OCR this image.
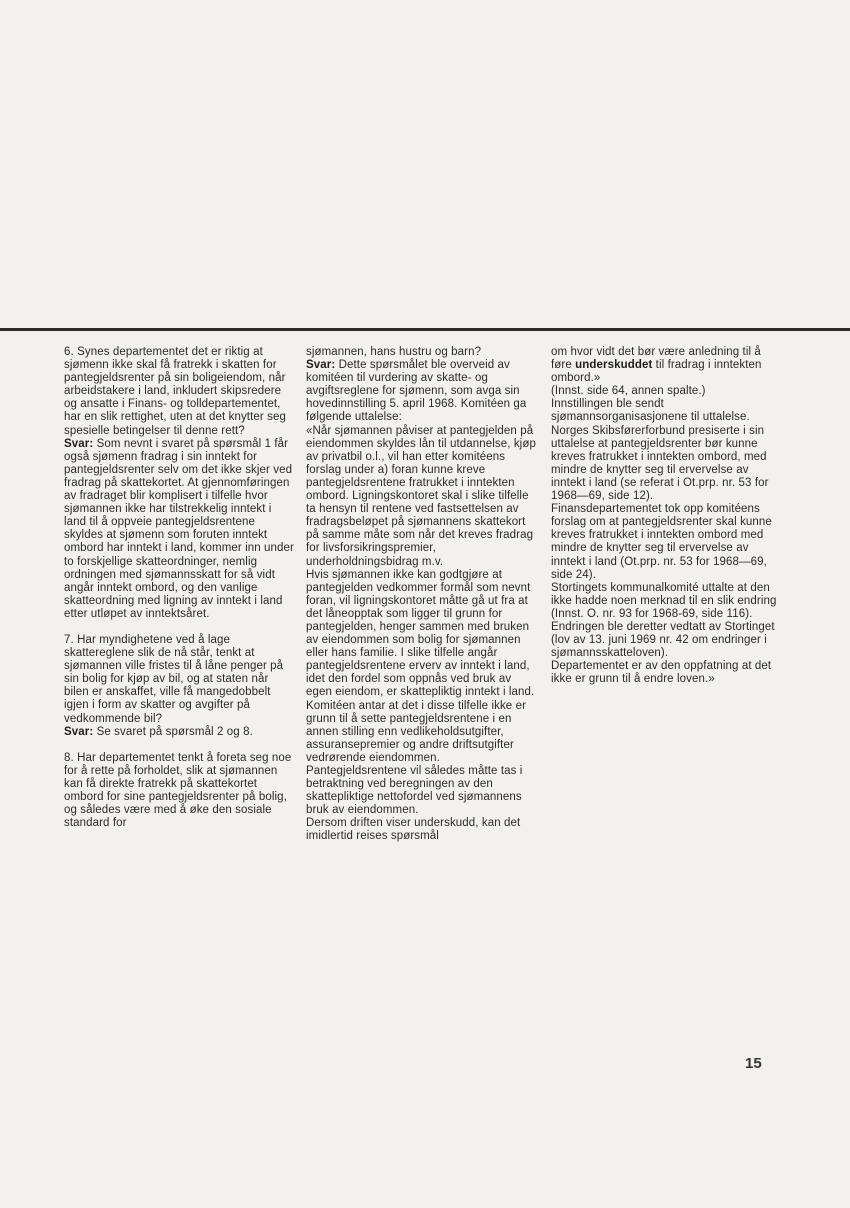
6. Synes departementet det er riktig at sjømenn ikke skal få fratrekk i skatten for pantegjeldsrenter på sin boligeiendom, når arbeidstakere i land, inkludert skipsredere og ansatte i Finans- og tolldepartementet, har en slik rettighet, uten at det knytter seg spesielle betingelser til denne rett?

Svar: Som nevnt i svaret på spørsmål 1 får også sjømenn fradrag i sin inntekt for pantegjeldsrenter selv om det ikke skjer ved fradrag på skattekortet. At gjennomføringen av fradraget blir komplisert i tilfelle hvor sjømannen ikke har tilstrekkelig inntekt i land til å oppveie pantegjeldsrentene skyldes at sjømenn som foruten inntekt ombord har inntekt i land, kommer inn under to forskjellige skatteordninger, nemlig ordningen med sjømannsskatt for så vidt angår inntekt ombord, og den vanlige skatteordning med ligning av inntekt i land etter utløpet av inntektsåret.

7. Har myndighetene ved å lage skattereglene slik de nå står, tenkt at sjømannen ville fristes til å låne penger på sin bolig for kjøp av bil, og at staten når bilen er anskaffet, ville få mangedobbelt igjen i form av skatter og avgifter på vedkommende bil?

Svar: Se svaret på spørsmål 2 og 8.

8. Har departementet tenkt å foreta seg noe for å rette på forholdet, slik at sjømannen kan få direkte fratrekk på skattekortet ombord for sine pantegjeldsrenter på bolig, og således være med å øke den sosiale standard for

sjømannen, hans hustru og barn?

Svar: Dette spørsmålet ble overveid av komitéen til vurdering av skatte- og avgiftsreglene for sjømenn, som avga sin hovedinnstilling 5. april 1968. Komitéen ga følgende uttalelse:

«Når sjømannen påviser at pantegjelden på eiendommen skyldes lån til utdannelse, kjøp av privatbil o.l., vil han etter komitéens forslag under a) foran kunne kreve pantegjeldsrentene fratrukket i inntekten ombord. Ligningskontoret skal i slike tilfelle ta hensyn til rentene ved fastsettelsen av fradragsbeløpet på sjømannens skattekort på samme måte som når det kreves fradrag for livsforsikringspremier, underholdningsbidrag m.v.

Hvis sjømannen ikke kan godtgjøre at pantegjelden vedkommer formål som nevnt foran, vil ligningskontoret måtte gå ut fra at det låneopptak som ligger til grunn for pantegjelden, henger sammen med bruken av eiendommen som bolig for sjømannen eller hans familie. I slike tilfelle angår pantegjeldsrentene erverv av inntekt i land, idet den fordel som oppnås ved bruk av egen eiendom, er skattepliktig inntekt i land. Komitéen antar at det i disse tilfelle ikke er grunn til å sette pantegjeldsrentene i en annen stilling enn vedlikeholdsutgifter, assuransepremier og andre driftsutgifter vedrørende eiendommen. Pantegjeldsrentene vil således måtte tas i betraktning ved beregningen av den skattepliktige nettofordel ved sjømannens bruk av eiendommen.

Dersom driften viser underskudd, kan det imidlertid reises spørsmål

om hvor vidt det bør være anledning til å føre underskuddet til fradrag i inntekten ombord.»

(Innst. side 64, annen spalte.)

Innstillingen ble sendt sjømannsorganisasjonene til uttalelse. Norges Skibsførerforbund presiserte i sin uttalelse at pantegjeldsrenter bør kunne kreves fratrukket i inntekten ombord, med mindre de knytter seg til ervervelse av inntekt i land (se referat i Ot.prp. nr. 53 for 1968—69, side 12).

Finansdepartementet tok opp komitéens forslag om at pantegjeldsrenter skal kunne kreves fratrukket i inntekten ombord med mindre de knytter seg til ervervelse av inntekt i land (Ot.prp. nr. 53 for 1968—69, side 24).

Stortingets kommunalkomité uttalte at den ikke hadde noen merknad til en slik endring (Innst. O. nr. 93 for 1968-69, side 116). Endringen ble deretter vedtatt av Stortinget (lov av 13. juni 1969 nr. 42 om endringer i sjømannsskatteloven).

Departementet er av den oppfatning at det ikke er grunn til å endre loven.»

15
